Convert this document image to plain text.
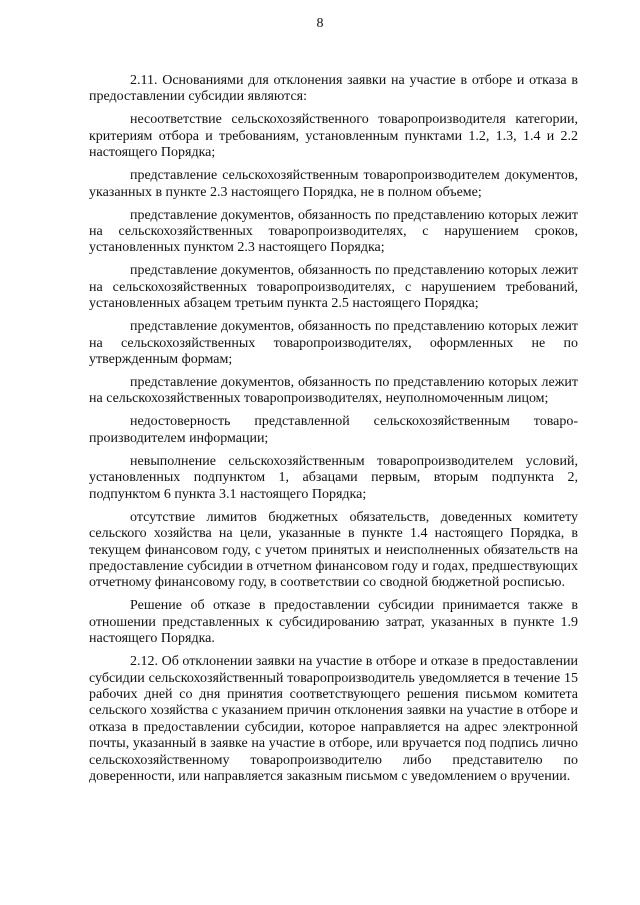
8

2.11. Основаниями для отклонения заявки на участие в отборе и отказа в предоставлении субсидии являются:

несоответствие сельскохозяйственного товаропроизводителя категории, критериям отбора и требованиям, установленным пунктами 1.2, 1.3, 1.4 и 2.2 настоящего Порядка;

представление сельскохозяйственным товаропроизводителем документов, указанных в пункте 2.3 настоящего Порядка, не в полном объеме;

представление документов, обязанность по представлению которых лежит на сельскохозяйственных товаропроизводителях, с нарушением сроков, установленных пунктом 2.3 настоящего Порядка;

представление документов, обязанность по представлению которых лежит на сельскохозяйственных товаропроизводителях, с нарушением требований, установленных абзацем третьим пункта 2.5 настоящего Порядка;

представление документов, обязанность по представлению которых лежит на сельскохозяйственных товаропроизводителях, оформленных не по утвержденным формам;

представление документов, обязанность по представлению которых лежит на сельскохозяйственных товаропроизводителях, неуполномоченным лицом;

недостоверность представленной сельскохозяйственным товаро-производителем информации;

невыполнение сельскохозяйственным товаропроизводителем условий, установленных подпунктом 1, абзацами первым, вторым подпункта 2, подпунктом 6 пункта 3.1 настоящего Порядка;

отсутствие лимитов бюджетных обязательств, доведенных комитету сельского хозяйства на цели, указанные в пункте 1.4 настоящего Порядка, в текущем финансовом году, с учетом принятых и неисполненных обязательств на предоставление субсидии в отчетном финансовом году и годах, предшествующих отчетному финансовому году, в соответствии со сводной бюджетной росписью.

Решение об отказе в предоставлении субсидии принимается также в отношении представленных к субсидированию затрат, указанных в пункте 1.9 настоящего Порядка.

2.12. Об отклонении заявки на участие в отборе и отказе в предоставлении субсидии сельскохозяйственный товаропроизводитель уведомляется в течение 15 рабочих дней со дня принятия соответствующего решения письмом комитета сельского хозяйства с указанием причин отклонения заявки на участие в отборе и отказа в предоставлении субсидии, которое направляется на адрес электронной почты, указанный в заявке на участие в отборе, или вручается под подпись лично сельскохозяйственному товаропроизводителю либо представителю по доверенности, или направляется заказным письмом с уведомлением о вручении.
